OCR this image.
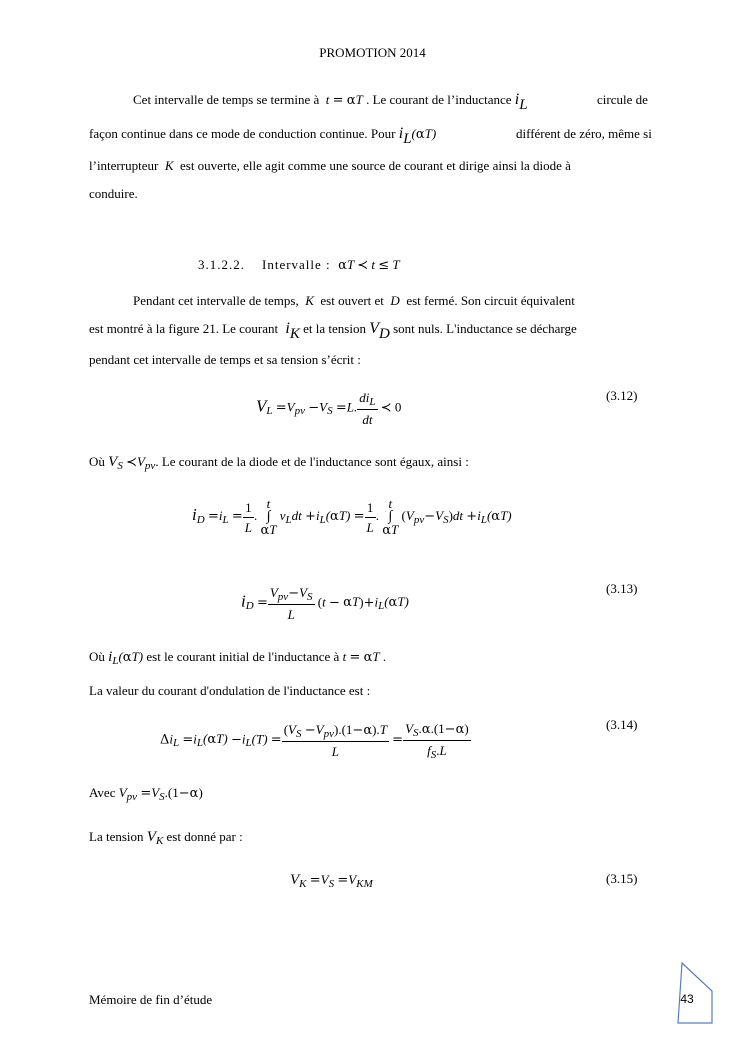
PROMOTION 2014
Cet intervalle de temps se termine à  t = αT . Le courant de l’inductance iL	circule de
façon continue dans ce mode de conduction continue. Pour iL(αT)	différent de zéro, même si
l’interrupteur  K  est ouverte, elle agit comme une source de courant et dirige ainsi la diode à
conduire.
3.1.2.2. Intervalle : αT ≺ t ≤ T
Pendant cet intervalle de temps,  K  est ouvert et  D  est fermé. Son circuit équivalent
est montré à la figure 21. Le courant  iK et la tension VD sont nuls. L'inductance se décharge
pendant cet intervalle de temps et sa tension s’écrit :
$V_L =V_{pv} -V_S =L$. $\frac{di_L}{dt}$ ≺ 0
(3.12)
Où $V_S$ $≺V_{pv}$. Le courant de la diode et de l'inductance sont égaux, ainsi :
$i_D =i_L = \frac{1}{L}$ .
t
∫
αT
$v_Ldt +i_L(\alpha T) = \frac{1}{L}$ .
t
∫
αT
$(V_{pv}-V_S)dt +i_L(\alpha T)$
$i_D = \frac{V_{pv}-V_S}{L} (t - \alpha T)+i_L(\alpha T)$
(3.13)
Où $i_L(\alpha T)$ est le courant initial de l'inductance à t = αT .
La valeur du courant d'ondulation de l'inductance est :
$\Delta i_L =i_L(\alpha T) -i_L(T) = \frac{(V_S -V_{pv}).(1-\alpha).T}{L} = \frac{V_S.\alpha.(1-\alpha)}{f_S.L}$	(3.14)
Avec $V_{pv} =V_S.(1-\alpha)$
La tension $V_K$ est donné par :
$V_K =V_S =V_{KM}$	(3.15)
Mémoire de fin d’étude	43
